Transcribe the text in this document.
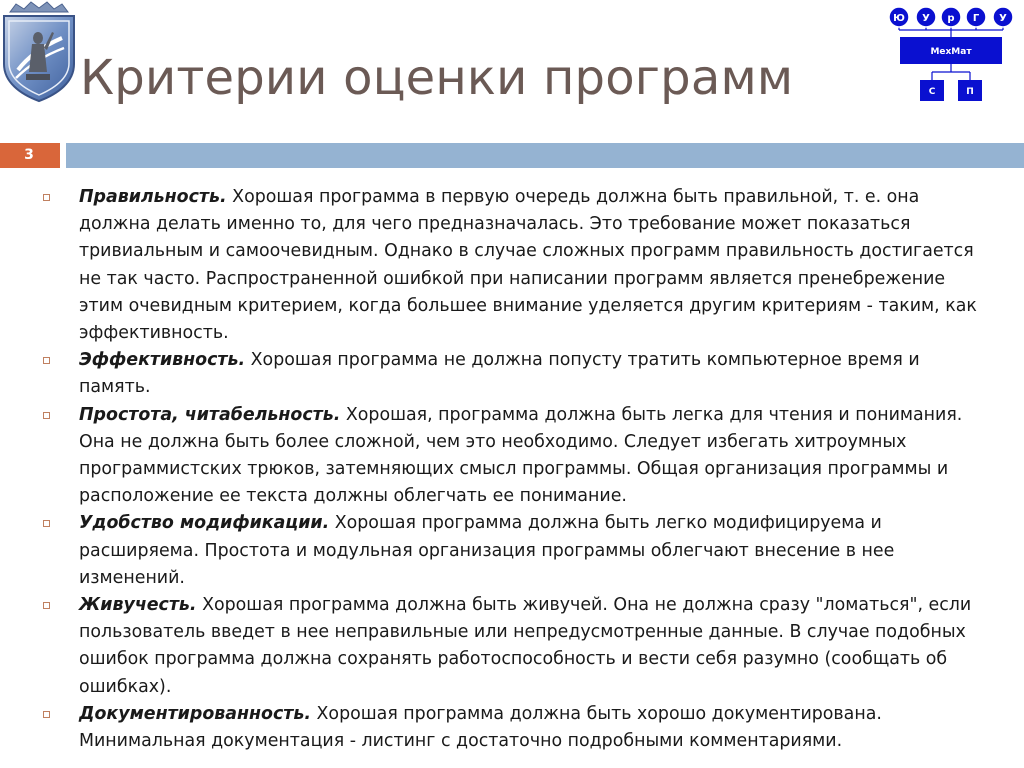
Критерии оценки программ
Ю У р Г У
МехМат
С	П
3
Правильность. Хорошая программа в первую очередь должна быть правильной, т. е. она должна делать именно то, для чего предназначалась. Это требование может показаться тривиальным и самоочевидным. Однако в случае сложных программ правильность достигается не так часто. Распространенной ошибкой при написании программ является пренебрежение этим очевидным критерием, когда большее внимание уделяется другим критериям - таким, как эффективность.
Эффективность. Хорошая программа не должна попусту тратить компьютерное время и память.
Простота, читабельность. Хорошая, программа должна быть легка для чтения и понимания. Она не должна быть более сложной, чем это необходимо. Следует избегать хитроумных программистских трюков, затемняющих смысл программы. Общая организация программы и расположение ее текста должны облегчать ее понимание.
Удобство модификации. Хорошая программа должна быть легко модифицируема и расширяема. Простота и модульная организация программы облегчают внесение в нее изменений.
Живучесть. Хорошая программа должна быть живучей. Она не должна сразу "ломаться", если пользователь введет в нее неправильные или непредусмотренные данные. В случае подобных ошибок программа должна сохранять работоспособность и вести себя разумно (сообщать об ошибках).
Документированность. Хорошая программа должна быть хорошо документирована. Минимальная документация - листинг с достаточно подробными комментариями.
